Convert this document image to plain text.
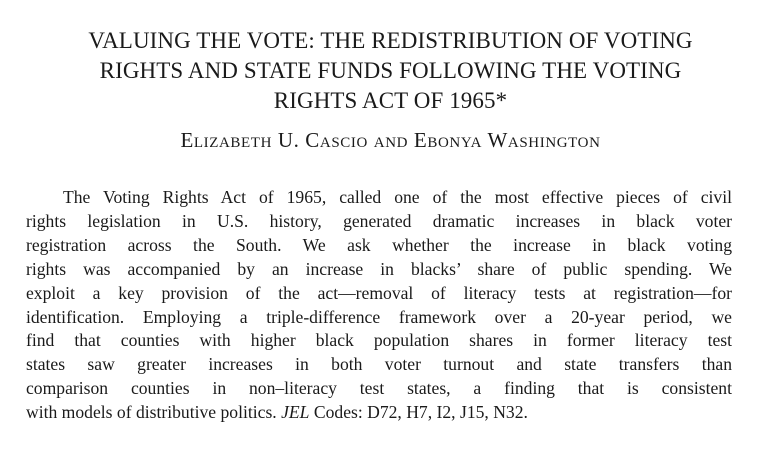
VALUING THE VOTE: THE REDISTRIBUTION OF VOTING
RIGHTS AND STATE FUNDS FOLLOWING THE VOTING
RIGHTS ACT OF 1965*

Elizabeth U. Cascio and Ebonya Washington

The Voting Rights Act of 1965, called one of the most effective pieces of civil
rights legislation in U.S. history, generated dramatic increases in black voter
registration across the South. We ask whether the increase in black voting
rights was accompanied by an increase in blacks’ share of public spending. We
exploit a key provision of the act—removal of literacy tests at registration—for
identification. Employing a triple-difference framework over a 20-year period, we
find that counties with higher black population shares in former literacy test
states saw greater increases in both voter turnout and state transfers than
comparison counties in non–literacy test states, a finding that is consistent
with models of distributive politics. JEL Codes: D72, H7, I2, J15, N32.
